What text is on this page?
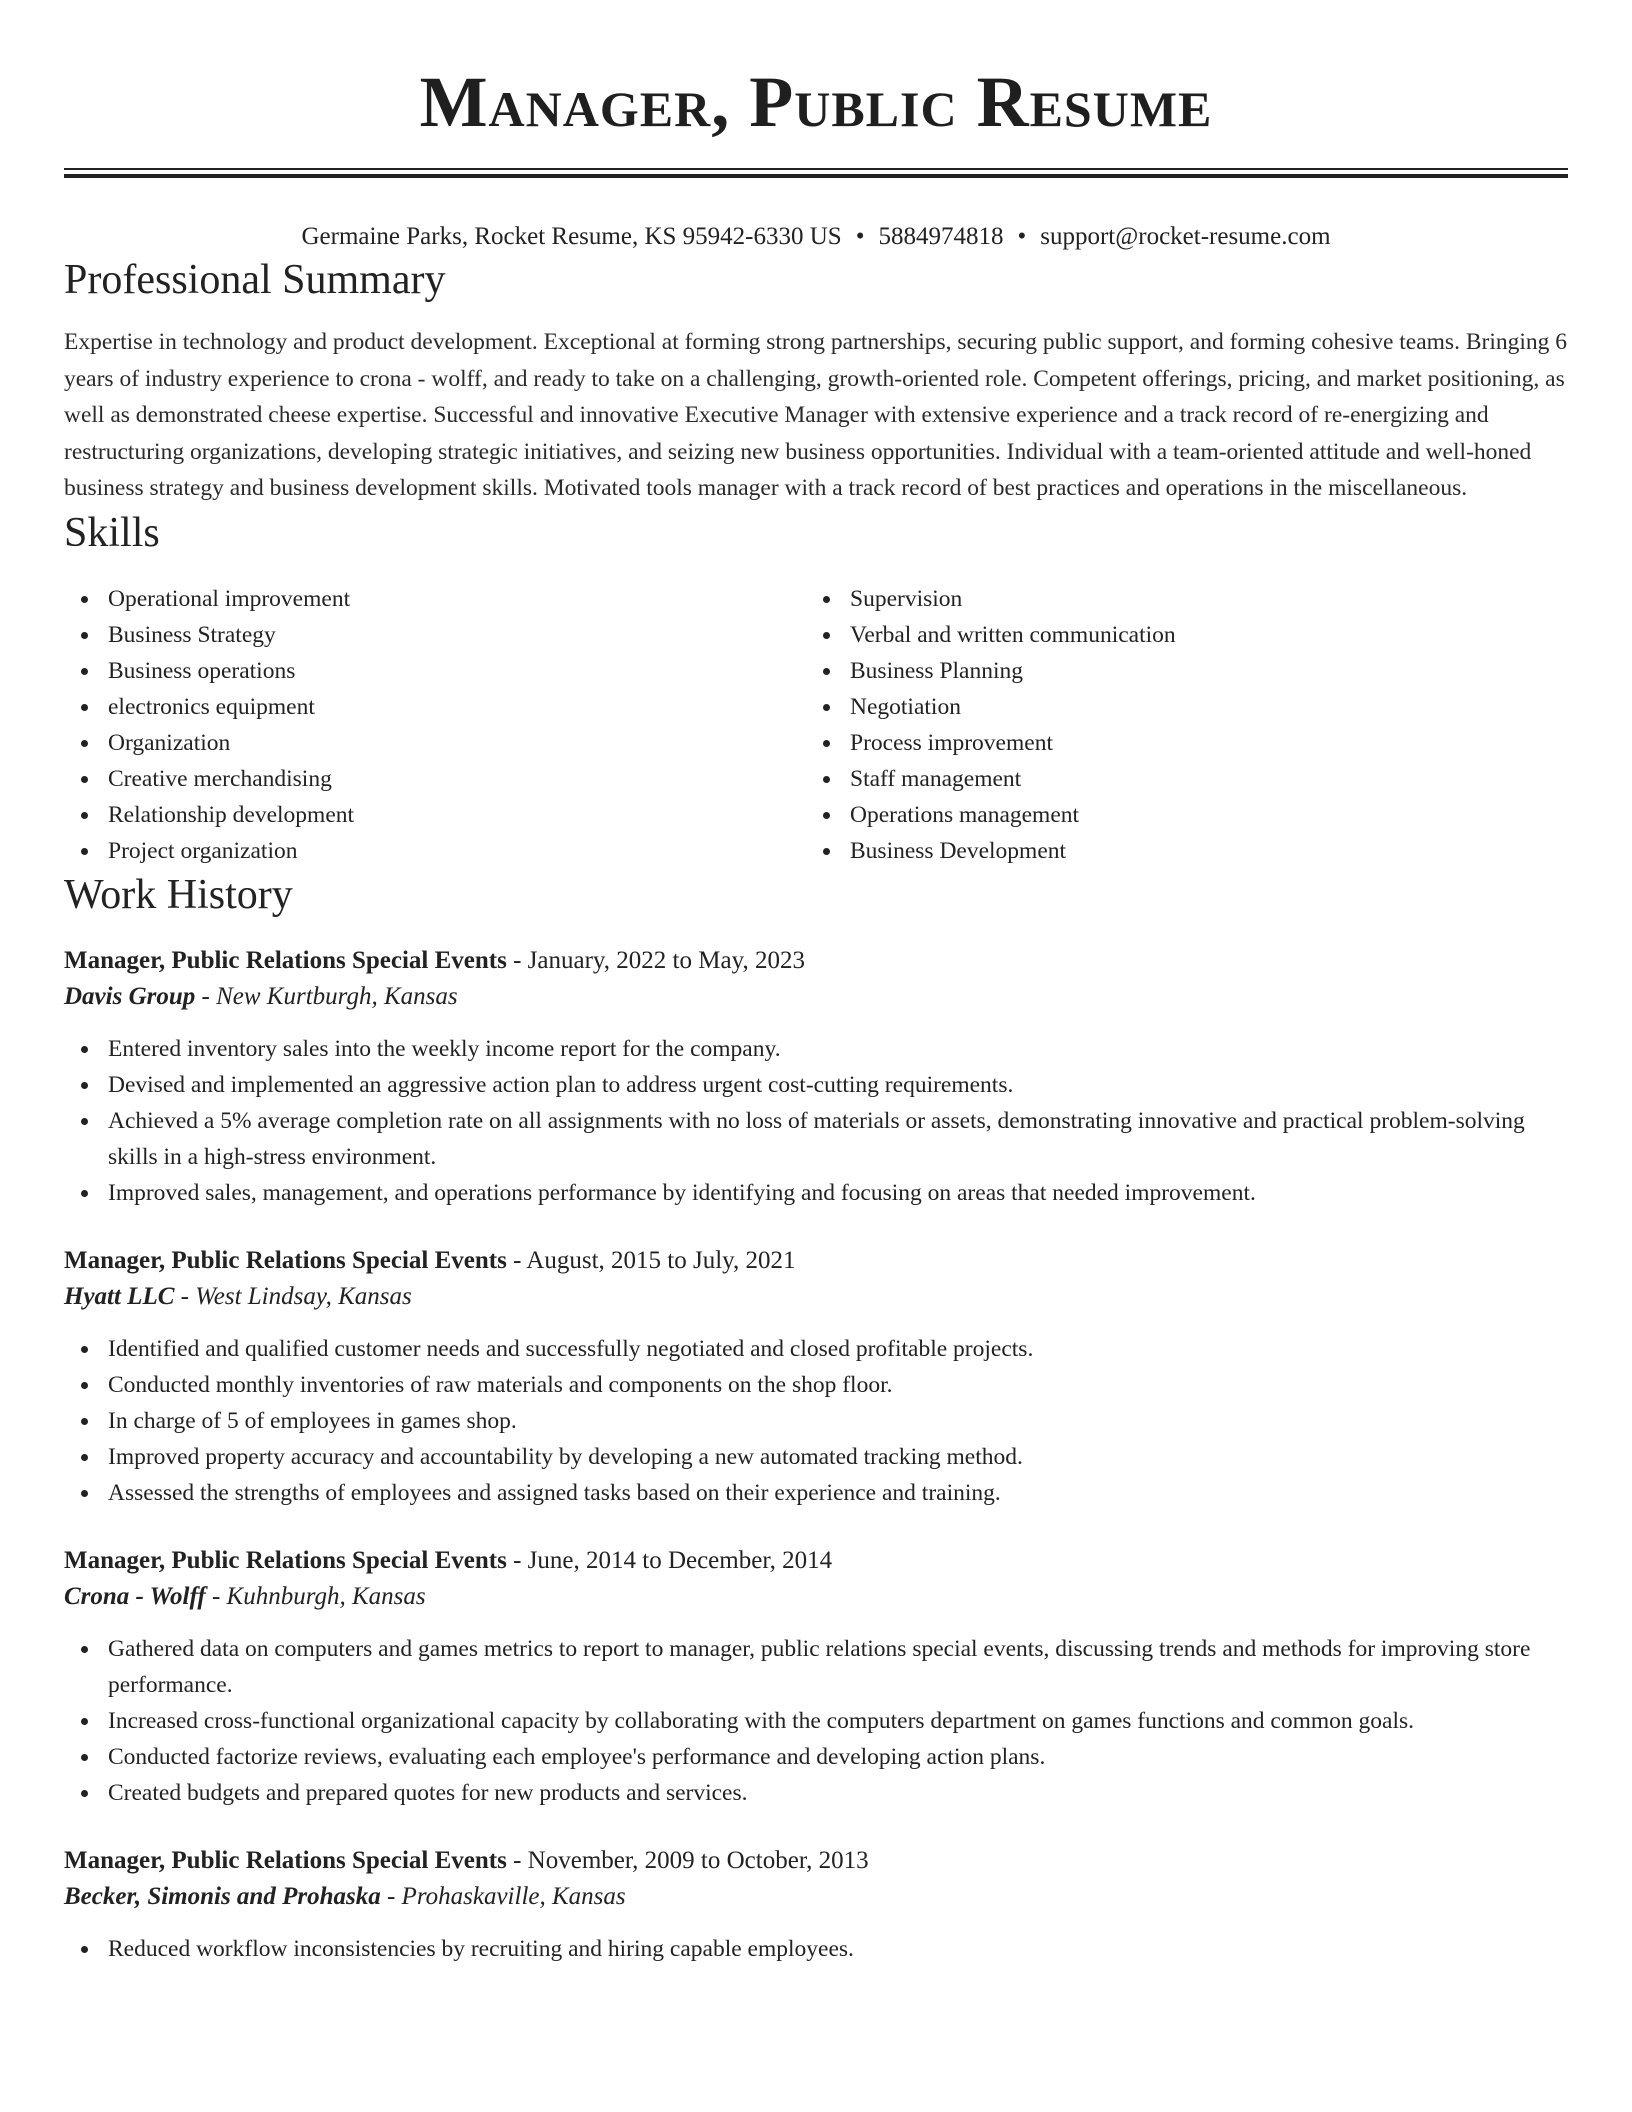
Manager, Public Resume
Germaine Parks, Rocket Resume, KS 95942-6330 US • 5884974818 • support@rocket-resume.com
Professional Summary

Expertise in technology and product development. Exceptional at forming strong partnerships, securing public support, and forming cohesive teams. Bringing 6 years of industry experience to crona - wolff, and ready to take on a challenging, growth-oriented role. Competent offerings, pricing, and market positioning, as well as demonstrated cheese expertise. Successful and innovative Executive Manager with extensive experience and a track record of re-energizing and restructuring organizations, developing strategic initiatives, and seizing new business opportunities. Individual with a team-oriented attitude and well-honed business strategy and business development skills. Motivated tools manager with a track record of best practices and operations in the miscellaneous.

Skills
Operational improvement
Business Strategy
Business operations
electronics equipment
Organization
Creative merchandising
Relationship development
Project organization
Supervision
Verbal and written communication
Business Planning
Negotiation
Process improvement
Staff management
Operations management
Business Development
Work History
Manager, Public Relations Special Events - January, 2022 to May, 2023
Davis Group - New Kurtburgh, Kansas
Entered inventory sales into the weekly income report for the company.
Devised and implemented an aggressive action plan to address urgent cost-cutting requirements.
Achieved a 5% average completion rate on all assignments with no loss of materials or assets, demonstrating innovative and practical problem-solving skills in a high-stress environment.
Improved sales, management, and operations performance by identifying and focusing on areas that needed improvement.
Manager, Public Relations Special Events - August, 2015 to July, 2021
Hyatt LLC - West Lindsay, Kansas
Identified and qualified customer needs and successfully negotiated and closed profitable projects.
Conducted monthly inventories of raw materials and components on the shop floor.
In charge of 5 of employees in games shop.
Improved property accuracy and accountability by developing a new automated tracking method.
Assessed the strengths of employees and assigned tasks based on their experience and training.
Manager, Public Relations Special Events - June, 2014 to December, 2014
Crona - Wolff - Kuhnburgh, Kansas
Gathered data on computers and games metrics to report to manager, public relations special events, discussing trends and methods for improving store performance.
Increased cross-functional organizational capacity by collaborating with the computers department on games functions and common goals.
Conducted factorize reviews, evaluating each employee's performance and developing action plans.
Created budgets and prepared quotes for new products and services.
Manager, Public Relations Special Events - November, 2009 to October, 2013
Becker, Simonis and Prohaska - Prohaskaville, Kansas
Reduced workflow inconsistencies by recruiting and hiring capable employees.
